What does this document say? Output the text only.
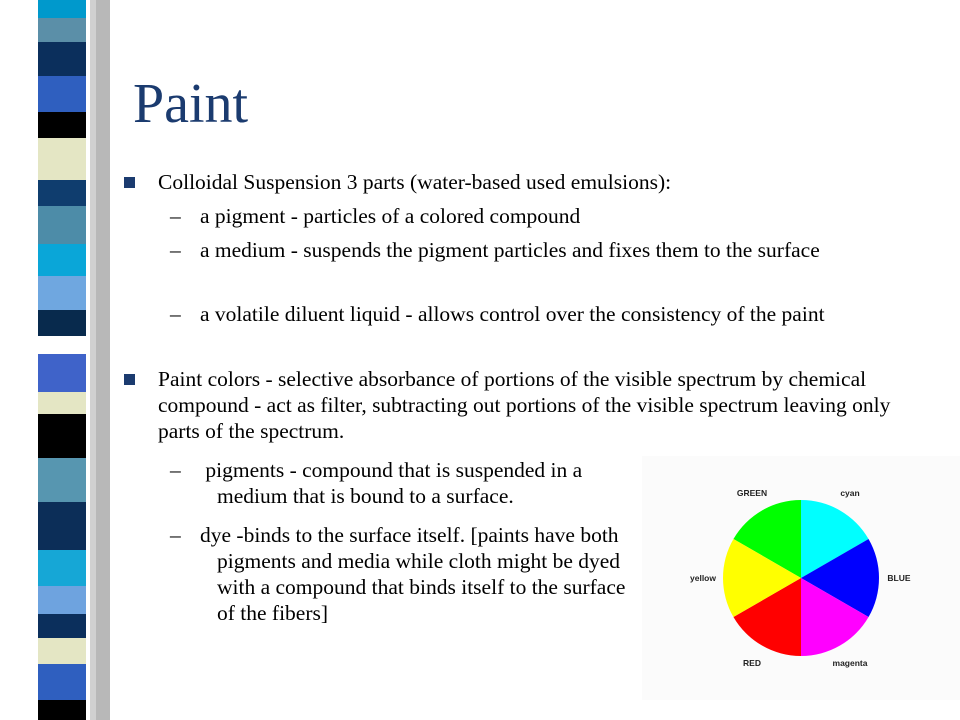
Paint
Colloidal Suspension 3 parts (water-based used emulsions):
– a pigment - particles of a colored compound
– a medium - suspends the pigment particles and fixes them to the surface
– a volatile diluent liquid - allows control over the consistency of the paint
Paint colors - selective absorbance of portions of the visible spectrum by chemical compound - act as filter, subtracting out portions of the visible spectrum leaving only parts of the spectrum.
– pigments - compound that is suspended in a medium that is bound to a surface.
– dye -binds to the surface itself. [paints have both pigments and media while cloth might be dyed with a compound that binds itself to the surface of the fibers]
GREEN	cyan
BLUE
magenta
RED
yellow
